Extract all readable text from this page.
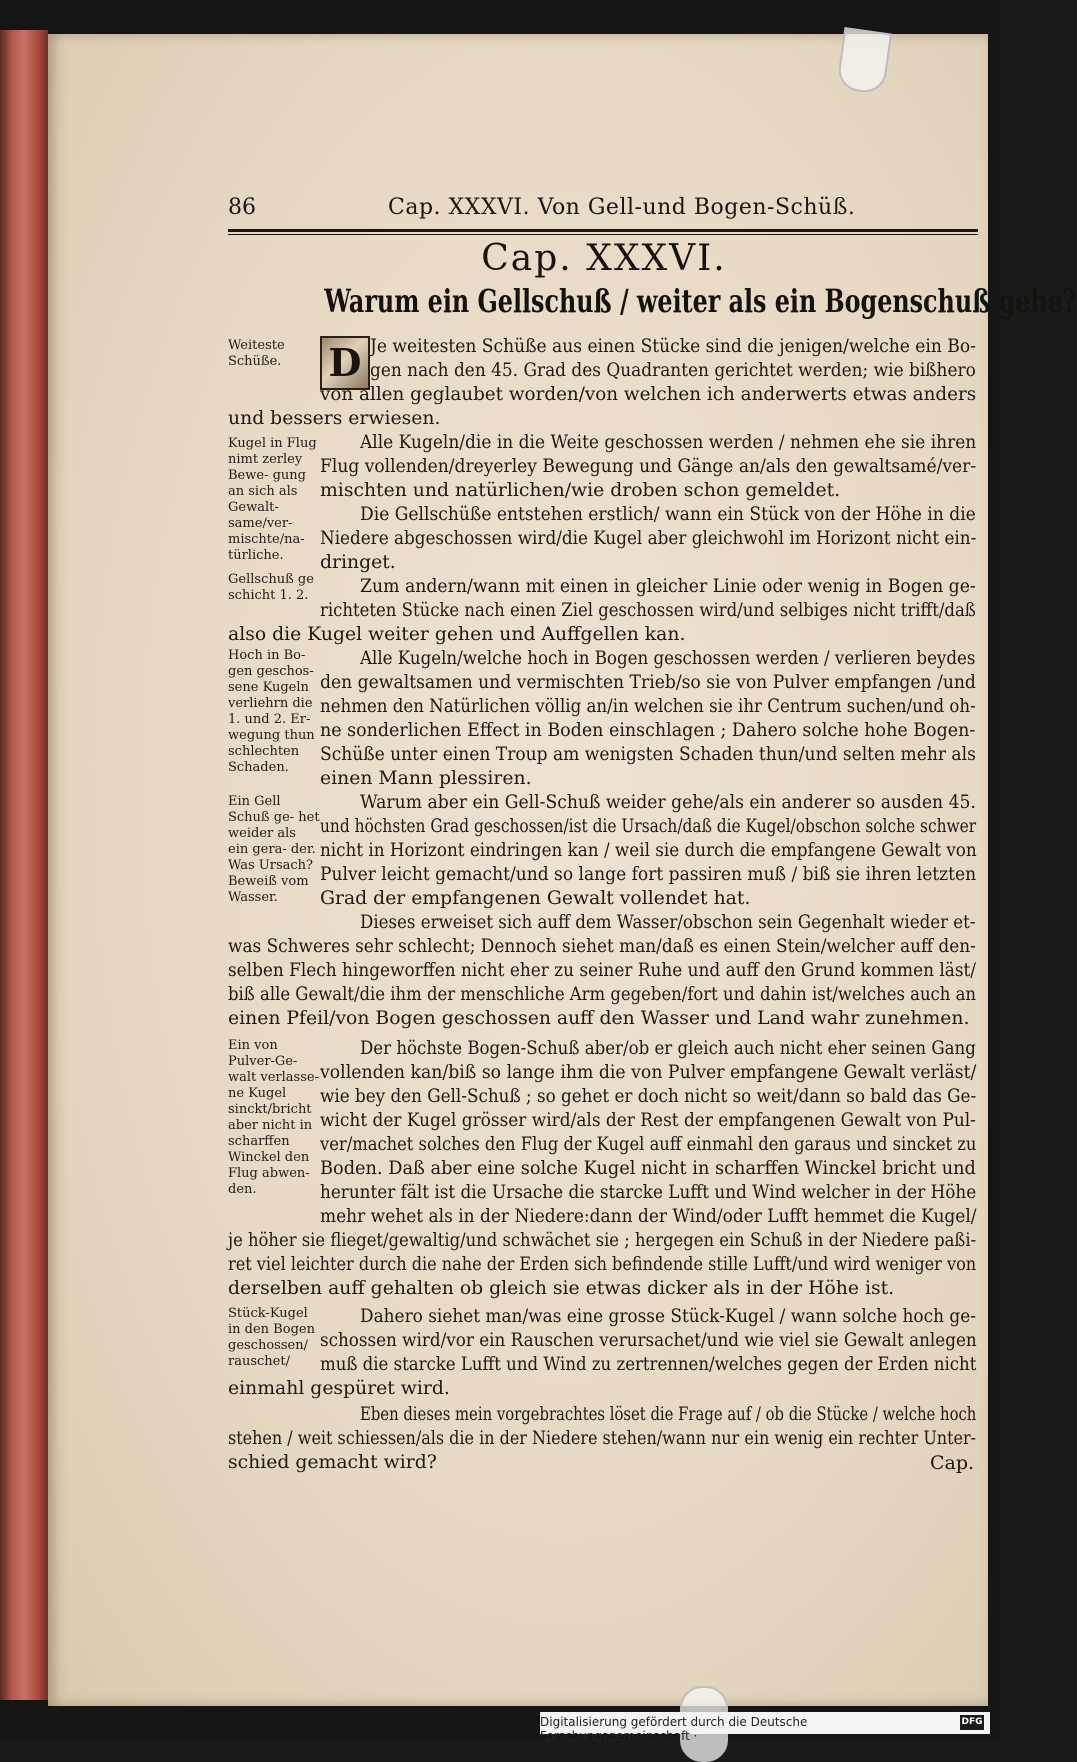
86	Cap. XXXVI. Von Gell-und Bogen-Schüß.
Cap. XXXVI.
Warum ein Gellschuß / weiter als ein Bogenschuß gehe?
D
Weiteste Schüße.
Kugel in Flug nimt zerley Bewe- gung an sich als Gewalt- same/ver- mischte/na- türliche.
Gellschuß ge schicht 1. 2.
Hoch in Bo- gen geschos- sene Kugeln verliehrn die 1. und 2. Er- wegung thun schlechten Schaden.
Ein Gell Schuß ge- het weider als ein gera- der. Was Ursach? Beweiß vom Wasser.
Ein von Pulver-Ge- walt verlasse- ne Kugel sinckt/bricht aber nicht in scharffen Winckel den Flug abwen- den.
Stück-Kugel in den Bogen geschossen/ rauschet/
Je weitesten Schüße aus einen Stücke sind die jenigen/welche ein Bo-
gen nach den 45. Grad des Quadranten gerichtet werden; wie bißhero
von allen geglaubet worden/von welchen ich anderwerts etwas anders
und bessers erwiesen.
Alle Kugeln/die in die Weite geschossen werden / nehmen ehe sie ihren
Flug vollenden/dreyerley Bewegung und Gänge an/als den gewaltsamé/ver-
mischten und natürlichen/wie droben schon gemeldet.
Die Gellschüße entstehen erstlich/ wann ein Stück von der Höhe in die
Niedere abgeschossen wird/die Kugel aber gleichwohl im Horizont nicht ein-
dringet.
Zum andern/wann mit einen in gleicher Linie oder wenig in Bogen ge-
richteten Stücke nach einen Ziel geschossen wird/und selbiges nicht trifft/daß
also die Kugel weiter gehen und Auffgellen kan.
Alle Kugeln/welche hoch in Bogen geschossen werden / verlieren beydes
den gewaltsamen und vermischten Trieb/so sie von Pulver empfangen /und
nehmen den Natürlichen völlig an/in welchen sie ihr Centrum suchen/und oh-
ne sonderlichen Effect in Boden einschlagen ; Dahero solche hohe Bogen-
Schüße unter einen Troup am wenigsten Schaden thun/und selten mehr als
einen Mann plessiren.
Warum aber ein Gell-Schuß weider gehe/als ein anderer so ausden 45.
und höchsten Grad geschossen/ist die Ursach/daß die Kugel/obschon solche schwer
nicht in Horizont eindringen kan / weil sie durch die empfangene Gewalt von
Pulver leicht gemacht/und so lange fort passiren muß / biß sie ihren letzten
Grad der empfangenen Gewalt vollendet hat.
Dieses erweiset sich auff dem Wasser/obschon sein Gegenhalt wieder et-
was Schweres sehr schlecht; Dennoch siehet man/daß es einen Stein/welcher auff den-
selben Flech hingeworffen nicht eher zu seiner Ruhe und auff den Grund kommen läst/
biß alle Gewalt/die ihm der menschliche Arm gegeben/fort und dahin ist/welches auch an
einen Pfeil/von Bogen geschossen auff den Wasser und Land wahr zunehmen.
Der höchste Bogen-Schuß aber/ob er gleich auch nicht eher seinen Gang
vollenden kan/biß so lange ihm die von Pulver empfangene Gewalt verläst/
wie bey den Gell-Schuß ; so gehet er doch nicht so weit/dann so bald das Ge-
wicht der Kugel grösser wird/als der Rest der empfangenen Gewalt von Pul-
ver/machet solches den Flug der Kugel auff einmahl den garaus und sincket zu
Boden. Daß aber eine solche Kugel nicht in scharffen Winckel bricht und
herunter fält ist die Ursache die starcke Lufft und Wind welcher in der Höhe
mehr wehet als in der Niedere:dann der Wind/oder Lufft hemmet die Kugel/
je höher sie flieget/gewaltig/und schwächet sie ; hergegen ein Schuß in der Niedere paßi-
ret viel leichter durch die nahe der Erden sich befindende stille Lufft/und wird weniger von
derselben auff gehalten ob gleich sie etwas dicker als in der Höhe ist.
Dahero siehet man/was eine grosse Stück-Kugel / wann solche hoch ge-
schossen wird/vor ein Rauschen verursachet/und wie viel sie Gewalt anlegen
muß die starcke Lufft und Wind zu zertrennen/welches gegen der Erden nicht
einmahl gespüret wird.
Eben dieses mein vorgebrachtes löset die Frage auf / ob die Stücke / welche hoch
stehen / weit schiessen/als die in der Niedere stehen/wann nur ein wenig ein rechter Unter-
schied gemacht wird?	Cap.
Digitalisierung gefördert durch die Deutsche Forschungsgemeinschaft ·
DFG
